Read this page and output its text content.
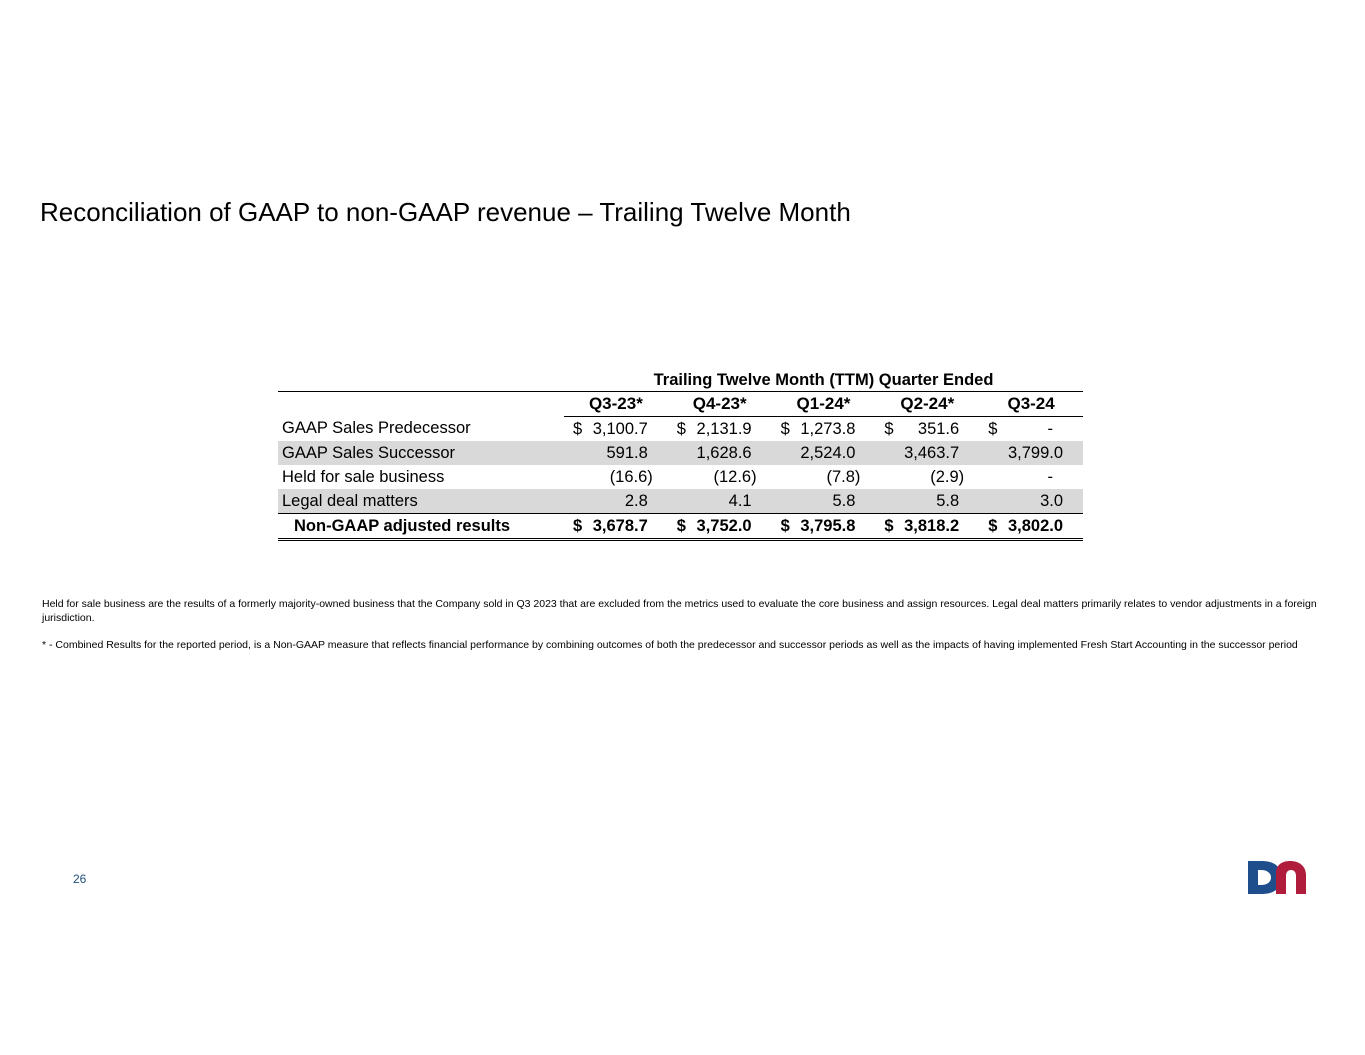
Reconciliation of GAAP to non-GAAP revenue – Trailing Twelve Month
	Trailing Twelve Month (TTM) Quarter Ended				
	Q3-23*	Q4-23*	Q1-24*	Q2-24*	Q3-24
GAAP Sales Predecessor	$ 3,100.7	$ 2,131.9	$ 1,273.8	$ 351.6	$ -

GAAP Sales Successor	591.8	1,628.6	2,524.0	3,463.7	3,799.0

Held for sale business	(16.6)	(12.6)	(7.8)	(2.9)	-

Legal deal matters	2.8	4.1	5.8	5.8	3.0

Non-GAAP adjusted results	$ 3,678.7	$ 3,752.0	$ 3,795.8	$ 3,818.2	$ 3,802.0
Held for sale business are the results of a formerly majority-owned business that the Company sold in Q3 2023 that are excluded from the metrics used to evaluate the core business and assign resources. Legal deal matters primarily relates to vendor adjustments in a foreign jurisdiction.
* - Combined Results for the reported period, is a Non-GAAP measure that reflects financial performance by combining outcomes of both the predecessor and successor periods as well as the impacts of having implemented Fresh Start Accounting in the successor period
26
